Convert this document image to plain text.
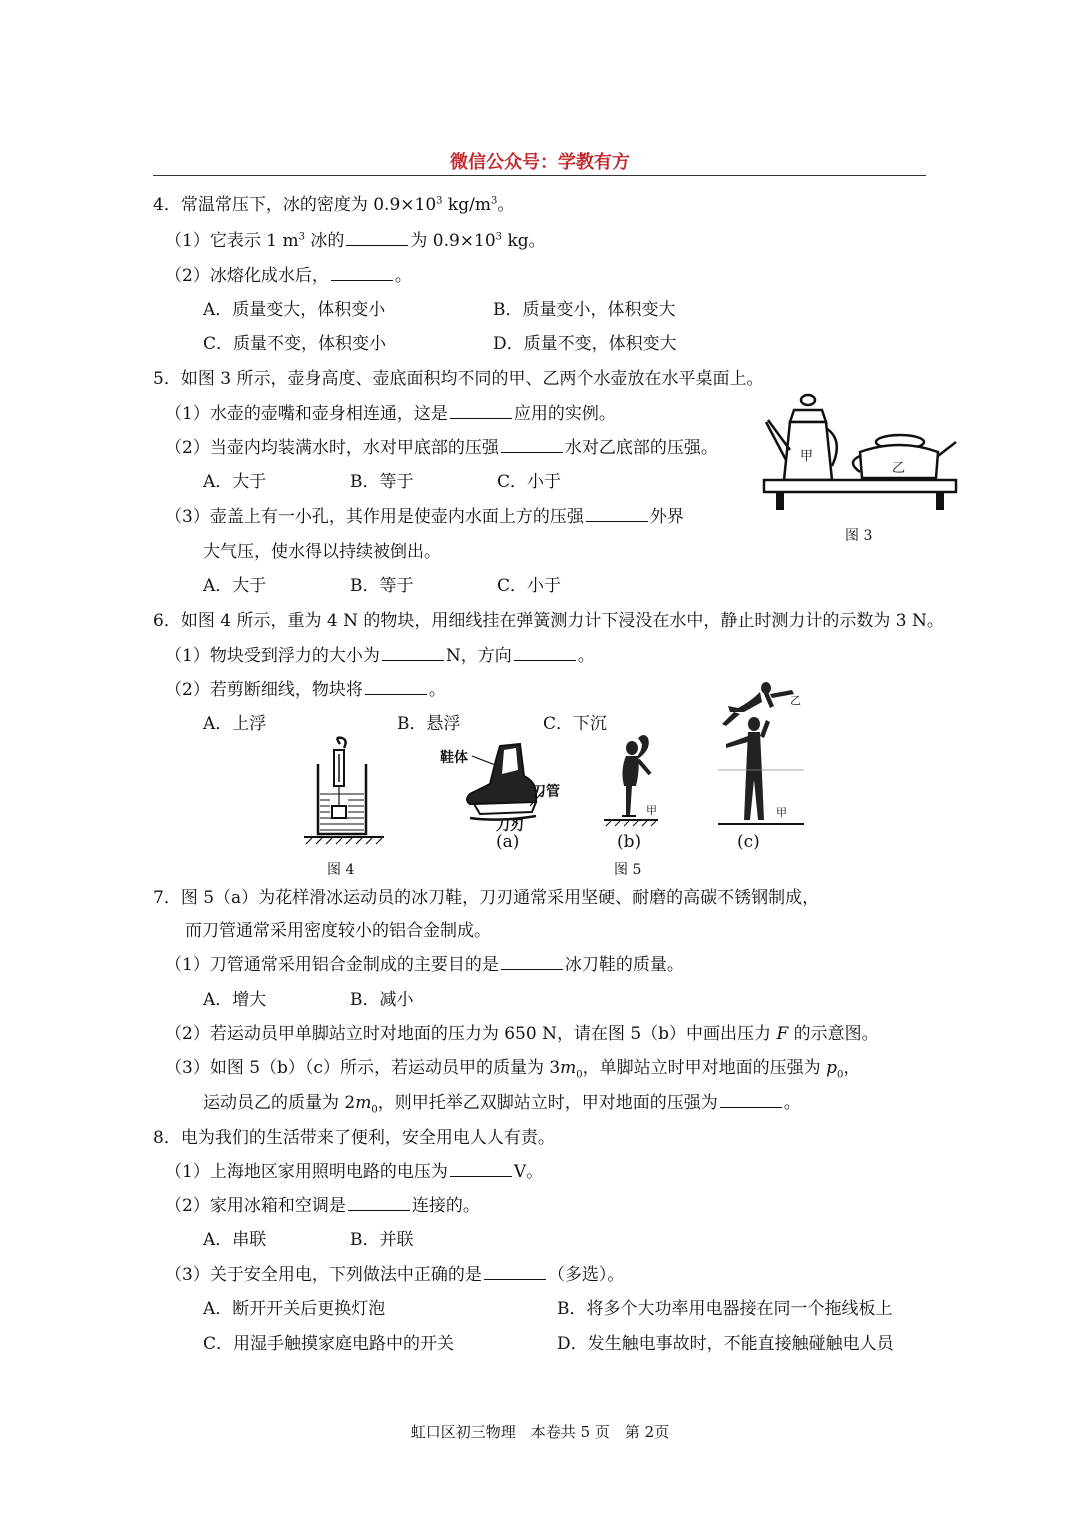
微信公众号：学教有方
4．常温常压下，冰的密度为 $0.9\times 10^3$ $kg/m^3$。
（1）它表示 1 $m^3$ 冰的	为 $0.9\times 10^3$ kg。
（2）冰熔化成水后，	。
A．质量变大，体积变小	B．质量变小，体积变大
C．质量不变，体积变小	D．质量不变，体积变大
5．如图 3 所示，壶身高度、壶底面积均不同的甲、乙两个水壶放在水平桌面上。
（1）水壶的壶嘴和壶身相连通，这是	应用的实例。
（2）当壶内均装满水时，水对甲底部的压强	水对乙底部的压强。
A．大于	B．等于	C．小于
（3）壶盖上有一小孔，其作用是使壶内水面上方的压强	外界
大气压，使水得以持续被倒出。
A．大于	B．等于	C．小于
甲
乙
图 3
6．如图 4 所示，重为 4 N 的物块，用细线挂在弹簧测力计下浸没在水中，静止时测力计的示数为 3 N。
（1）物块受到浮力的大小为	N，方向	。
（2）若剪断细线，物块将	。
A．上浮	B．悬浮	C．下沉
图 4
鞋体
刀管
刀刃
(a)
甲
(b)
乙
甲
(c)
图 5
7．图 5（a）为花样滑冰运动员的冰刀鞋，刀刃通常采用坚硬、耐磨的高碳不锈钢制成，
而刀管通常采用密度较小的铝合金制成。
（1）刀管通常采用铝合金制成的主要目的是	冰刀鞋的质量。
A．增大	B．减小
（2）若运动员甲单脚站立时对地面的压力为 650 N，请在图 5（b）中画出压力 F 的示意图。
（3）如图 5（b）（c）所示，若运动员甲的质量为 $3m_0$，单脚站立时甲对地面的压强为 $p_0$，
运动员乙的质量为 $2m_0$，则甲托举乙双脚站立时，甲对地面的压强为	。
8．电为我们的生活带来了便利，安全用电人人有责。
（1）上海地区家用照明电路的电压为	V。
（2）家用冰箱和空调是	连接的。
A．串联	B．并联
（3）关于安全用电，下列做法中正确的是	（多选）。
A．断开开关后更换灯泡	B．将多个大功率用电器接在同一个拖线板上
C．用湿手触摸家庭电路中的开关	D．发生触电事故时，不能直接触碰触电人员
虹口区初三物理　本卷共 5 页　第 2页
